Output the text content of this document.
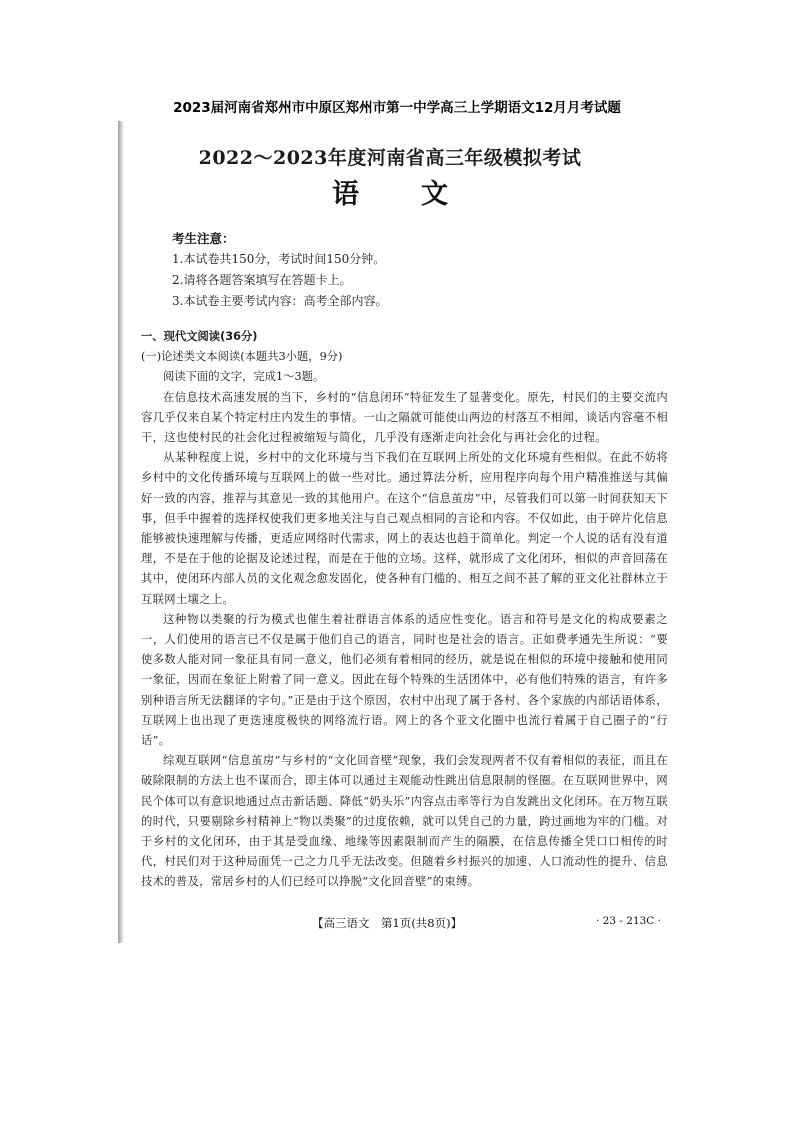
2023届河南省郑州市中原区郑州市第一中学高三上学期语文12月月考试题
2022～2023年度河南省高三年级模拟考试
语文
考生注意：
1.本试卷共150分，考试时间150分钟。
2.请将各题答案填写在答题卡上。
3.本试卷主要考试内容：高考全部内容。
一、现代文阅读(36分)
(一)论述类文本阅读(本题共3小题，9分)
阅读下面的文字，完成1～3题。

在信息技术高速发展的当下，乡村的“信息闭环”特征发生了显著变化。原先，村民们的主要交流内容几乎仅来自某个特定村庄内发生的事情。一山之隔就可能使山两边的村落互不相闻，谈话内容毫不相干，这也使村民的社会化过程被缩短与简化，几乎没有逐渐走向社会化与再社会化的过程。

从某种程度上说，乡村中的文化环境与当下我们在互联网上所处的文化环境有些相似。在此不妨将乡村中的文化传播环境与互联网上的做一些对比。通过算法分析，应用程序向每个用户精准推送与其偏好一致的内容，推荐与其意见一致的其他用户。在这个“信息茧房”中，尽管我们可以第一时间获知天下事，但手中握着的选择权使我们更多地关注与自己观点相同的言论和内容。不仅如此，由于碎片化信息能够被快速理解与传播，更适应网络时代需求，网上的表达也趋于简单化。判定一个人说的话有没有道理，不是在于他的论据及论述过程，而是在于他的立场。这样，就形成了文化闭环，相似的声音回荡在其中，使闭环内部人员的文化观念愈发固化，使各种有门槛的、相互之间不甚了解的亚文化社群林立于互联网土壤之上。

这种物以类聚的行为模式也催生着社群语言体系的适应性变化。语言和符号是文化的构成要素之一，人们使用的语言已不仅是属于他们自己的语言，同时也是社会的语言。正如费孝通先生所说：“要使多数人能对同一象征具有同一意义，他们必须有着相同的经历，就是说在相似的环境中接触和使用同一象征，因而在象征上附着了同一意义。因此在每个特殊的生活团体中，必有他们特殊的语言，有许多别种语言所无法翻译的字句。”正是由于这个原因，农村中出现了属于各村、各个家族的内部话语体系，互联网上也出现了更迭速度极快的网络流行语。网上的各个亚文化圈中也流行着属于自己圈子的“行话”。

综观互联网“信息茧房”与乡村的“文化回音壁”现象，我们会发现两者不仅有着相似的表征，而且在破除限制的方法上也不谋而合，即主体可以通过主观能动性跳出信息限制的怪圈。在互联网世界中，网民个体可以有意识地通过点击新话题、降低“奶头乐”内容点击率等行为自发跳出文化闭环。在万物互联的时代，只要剔除乡村精神上“物以类聚”的过度依赖，就可以凭自己的力量，跨过画地为牢的门槛。对于乡村的文化闭环，由于其是受血缘、地缘等因素限制而产生的隔膜，在信息传播全凭口口相传的时代，村民们对于这种局面凭一己之力几乎无法改变。但随着乡村振兴的加速、人口流动性的提升、信息技术的普及，常居乡村的人们已经可以挣脱“文化回音壁”的束缚。

【高三语文　第1页(共8页)】	· 23 - 213C ·
